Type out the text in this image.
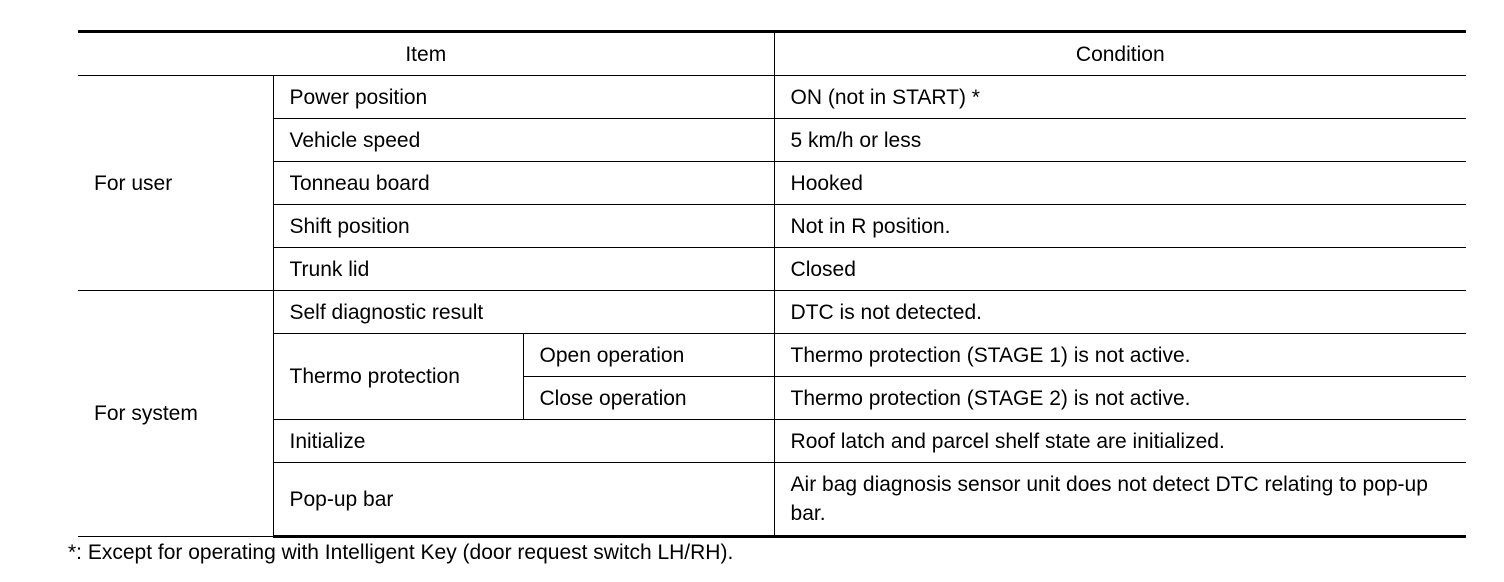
Item			Condition
For user	Power position		ON (not in START) *
	Vehicle speed		5 km/h or less
	Tonneau board		Hooked
	Shift position		Not in R position.
	Trunk lid		Closed
For system	Self diagnostic result		DTC is not detected.
	Thermo protection	Open operation	Thermo protection (STAGE 1) is not active.
		Close operation	Thermo protection (STAGE 2) is not active.
	Initialize		Roof latch and parcel shelf state are initialized.
	Pop-up bar		Air bag diagnosis sensor unit does not detect DTC relating to pop-up bar.
*: Except for operating with Intelligent Key (door request switch LH/RH).
